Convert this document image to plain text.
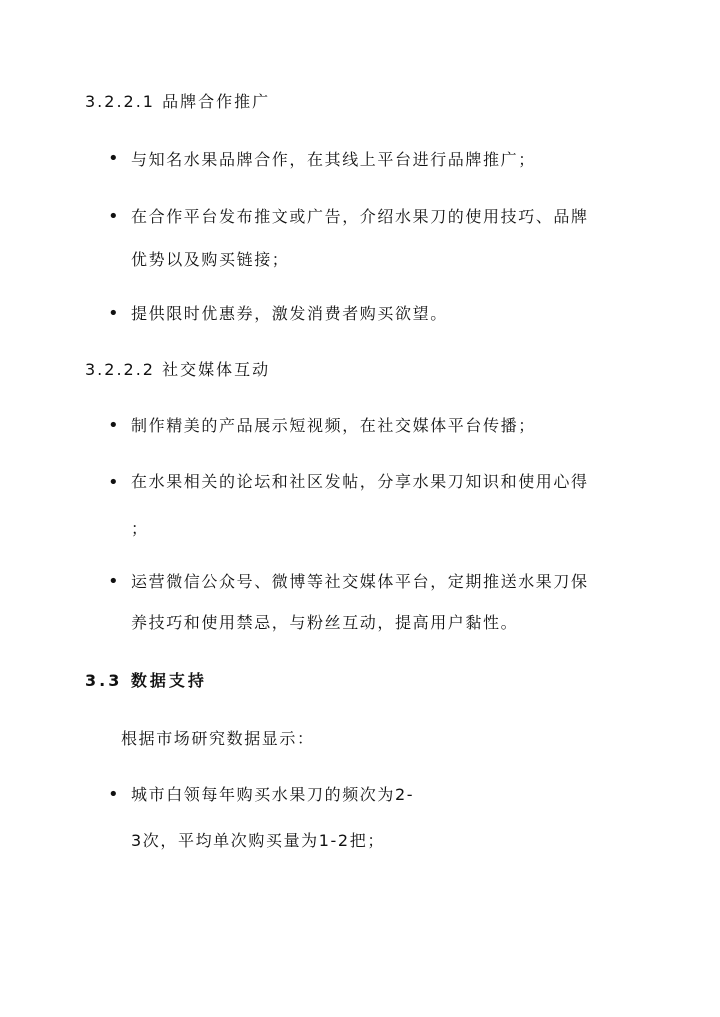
3.2.2.1 品牌合作推广
• 与知名水果品牌合作，在其线上平台进行品牌推广；
• 在合作平台发布推文或广告，介绍水果刀的使用技巧、品牌
优势以及购买链接；
• 提供限时优惠券，激发消费者购买欲望。
3.2.2.2 社交媒体互动
• 制作精美的产品展示短视频，在社交媒体平台传播；
• 在水果相关的论坛和社区发帖，分享水果刀知识和使用心得
；
• 运营微信公众号、微博等社交媒体平台，定期推送水果刀保
养技巧和使用禁忌，与粉丝互动，提高用户黏性。
3.3 数据支持
根据市场研究数据显示：
• 城市白领每年购买水果刀的频次为2-
3次，平均单次购买量为1-2把；
